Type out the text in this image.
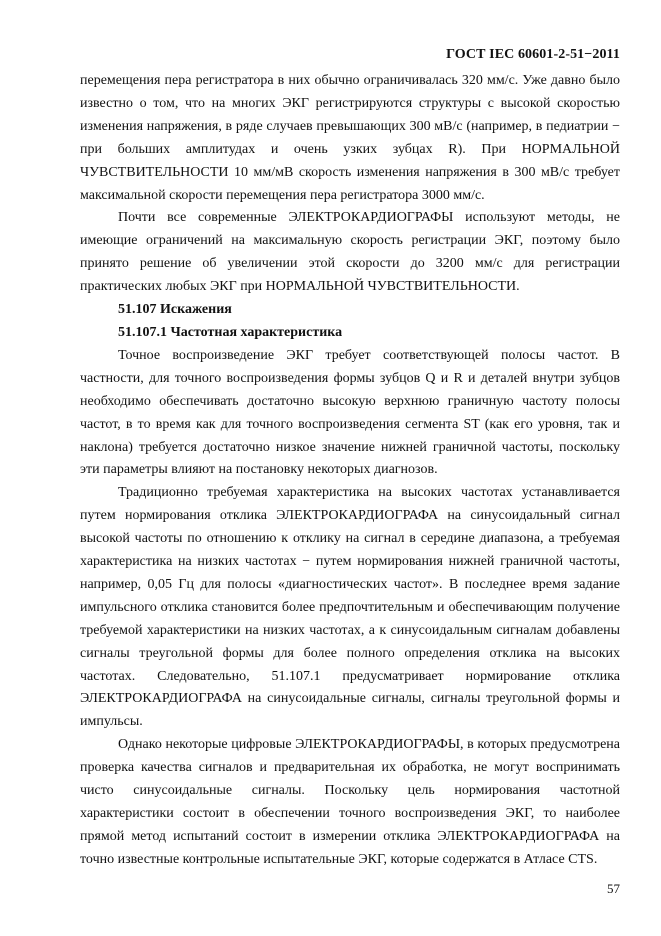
ГОСТ IEC 60601-2-51−2011

перемещения пера регистратора в них обычно ограничивалась 320 мм/с. Уже давно было известно о том, что на многих ЭКГ регистрируются структуры с высокой скоростью изменения напряжения, в ряде случаев превышающих 300 мВ/с (например, в педиатрии − при больших амплитудах и очень узких зубцах R). При НОРМАЛЬНОЙ ЧУВСТВИТЕЛЬНОСТИ 10 мм/мВ скорость изменения напряжения в 300 мВ/с требует максимальной скорости перемещения пера регистратора 3000 мм/с.

Почти все современные ЭЛЕКТРОКАРДИОГРАФЫ используют методы, не имеющие ограничений на максимальную скорость регистрации ЭКГ, поэтому было принято решение об увеличении этой скорости до 3200 мм/с для регистрации практических любых ЭКГ при НОРМАЛЬНОЙ ЧУВСТВИТЕЛЬНОСТИ.

51.107 Искажения

51.107.1 Частотная характеристика

Точное воспроизведение ЭКГ требует соответствующей полосы частот. В частности, для точного воспроизведения формы зубцов Q и R и деталей внутри зубцов необходимо обеспечивать достаточно высокую верхнюю граничную частоту полосы частот, в то время как для точного воспроизведения сегмента ST (как его уровня, так и наклона) требуется достаточно низкое значение нижней граничной частоты, поскольку эти параметры влияют на постановку некоторых диагнозов.

Традиционно требуемая характеристика на высоких частотах устанавливается путем нормирования отклика ЭЛЕКТРОКАРДИОГРАФА на синусоидальный сигнал высокой частоты по отношению к отклику на сигнал в середине диапазона, а требуемая характеристика на низких частотах − путем нормирования нижней граничной частоты, например, 0,05 Гц для полосы «диагностических частот». В последнее время задание импульсного отклика становится более предпочтительным и обеспечивающим получение требуемой характеристики на низких частотах, а к синусоидальным сигналам добавлены сигналы треугольной формы для более полного определения отклика на высоких частотах. Следовательно, 51.107.1 предусматривает нормирование отклика ЭЛЕКТРОКАРДИОГРАФА на синусоидальные сигналы, сигналы треугольной формы и импульсы.

Однако некоторые цифровые ЭЛЕКТРОКАРДИОГРАФЫ, в которых предусмотрена проверка качества сигналов и предварительная их обработка, не могут воспринимать чисто синусоидальные сигналы. Поскольку цель нормирования частотной характеристики состоит в обеспечении точного воспроизведения ЭКГ, то наиболее прямой метод испытаний состоит в измерении отклика ЭЛЕКТРОКАРДИОГРАФА на точно известные контрольные испытательные ЭКГ, которые содержатся в Атласе CTS.

57
